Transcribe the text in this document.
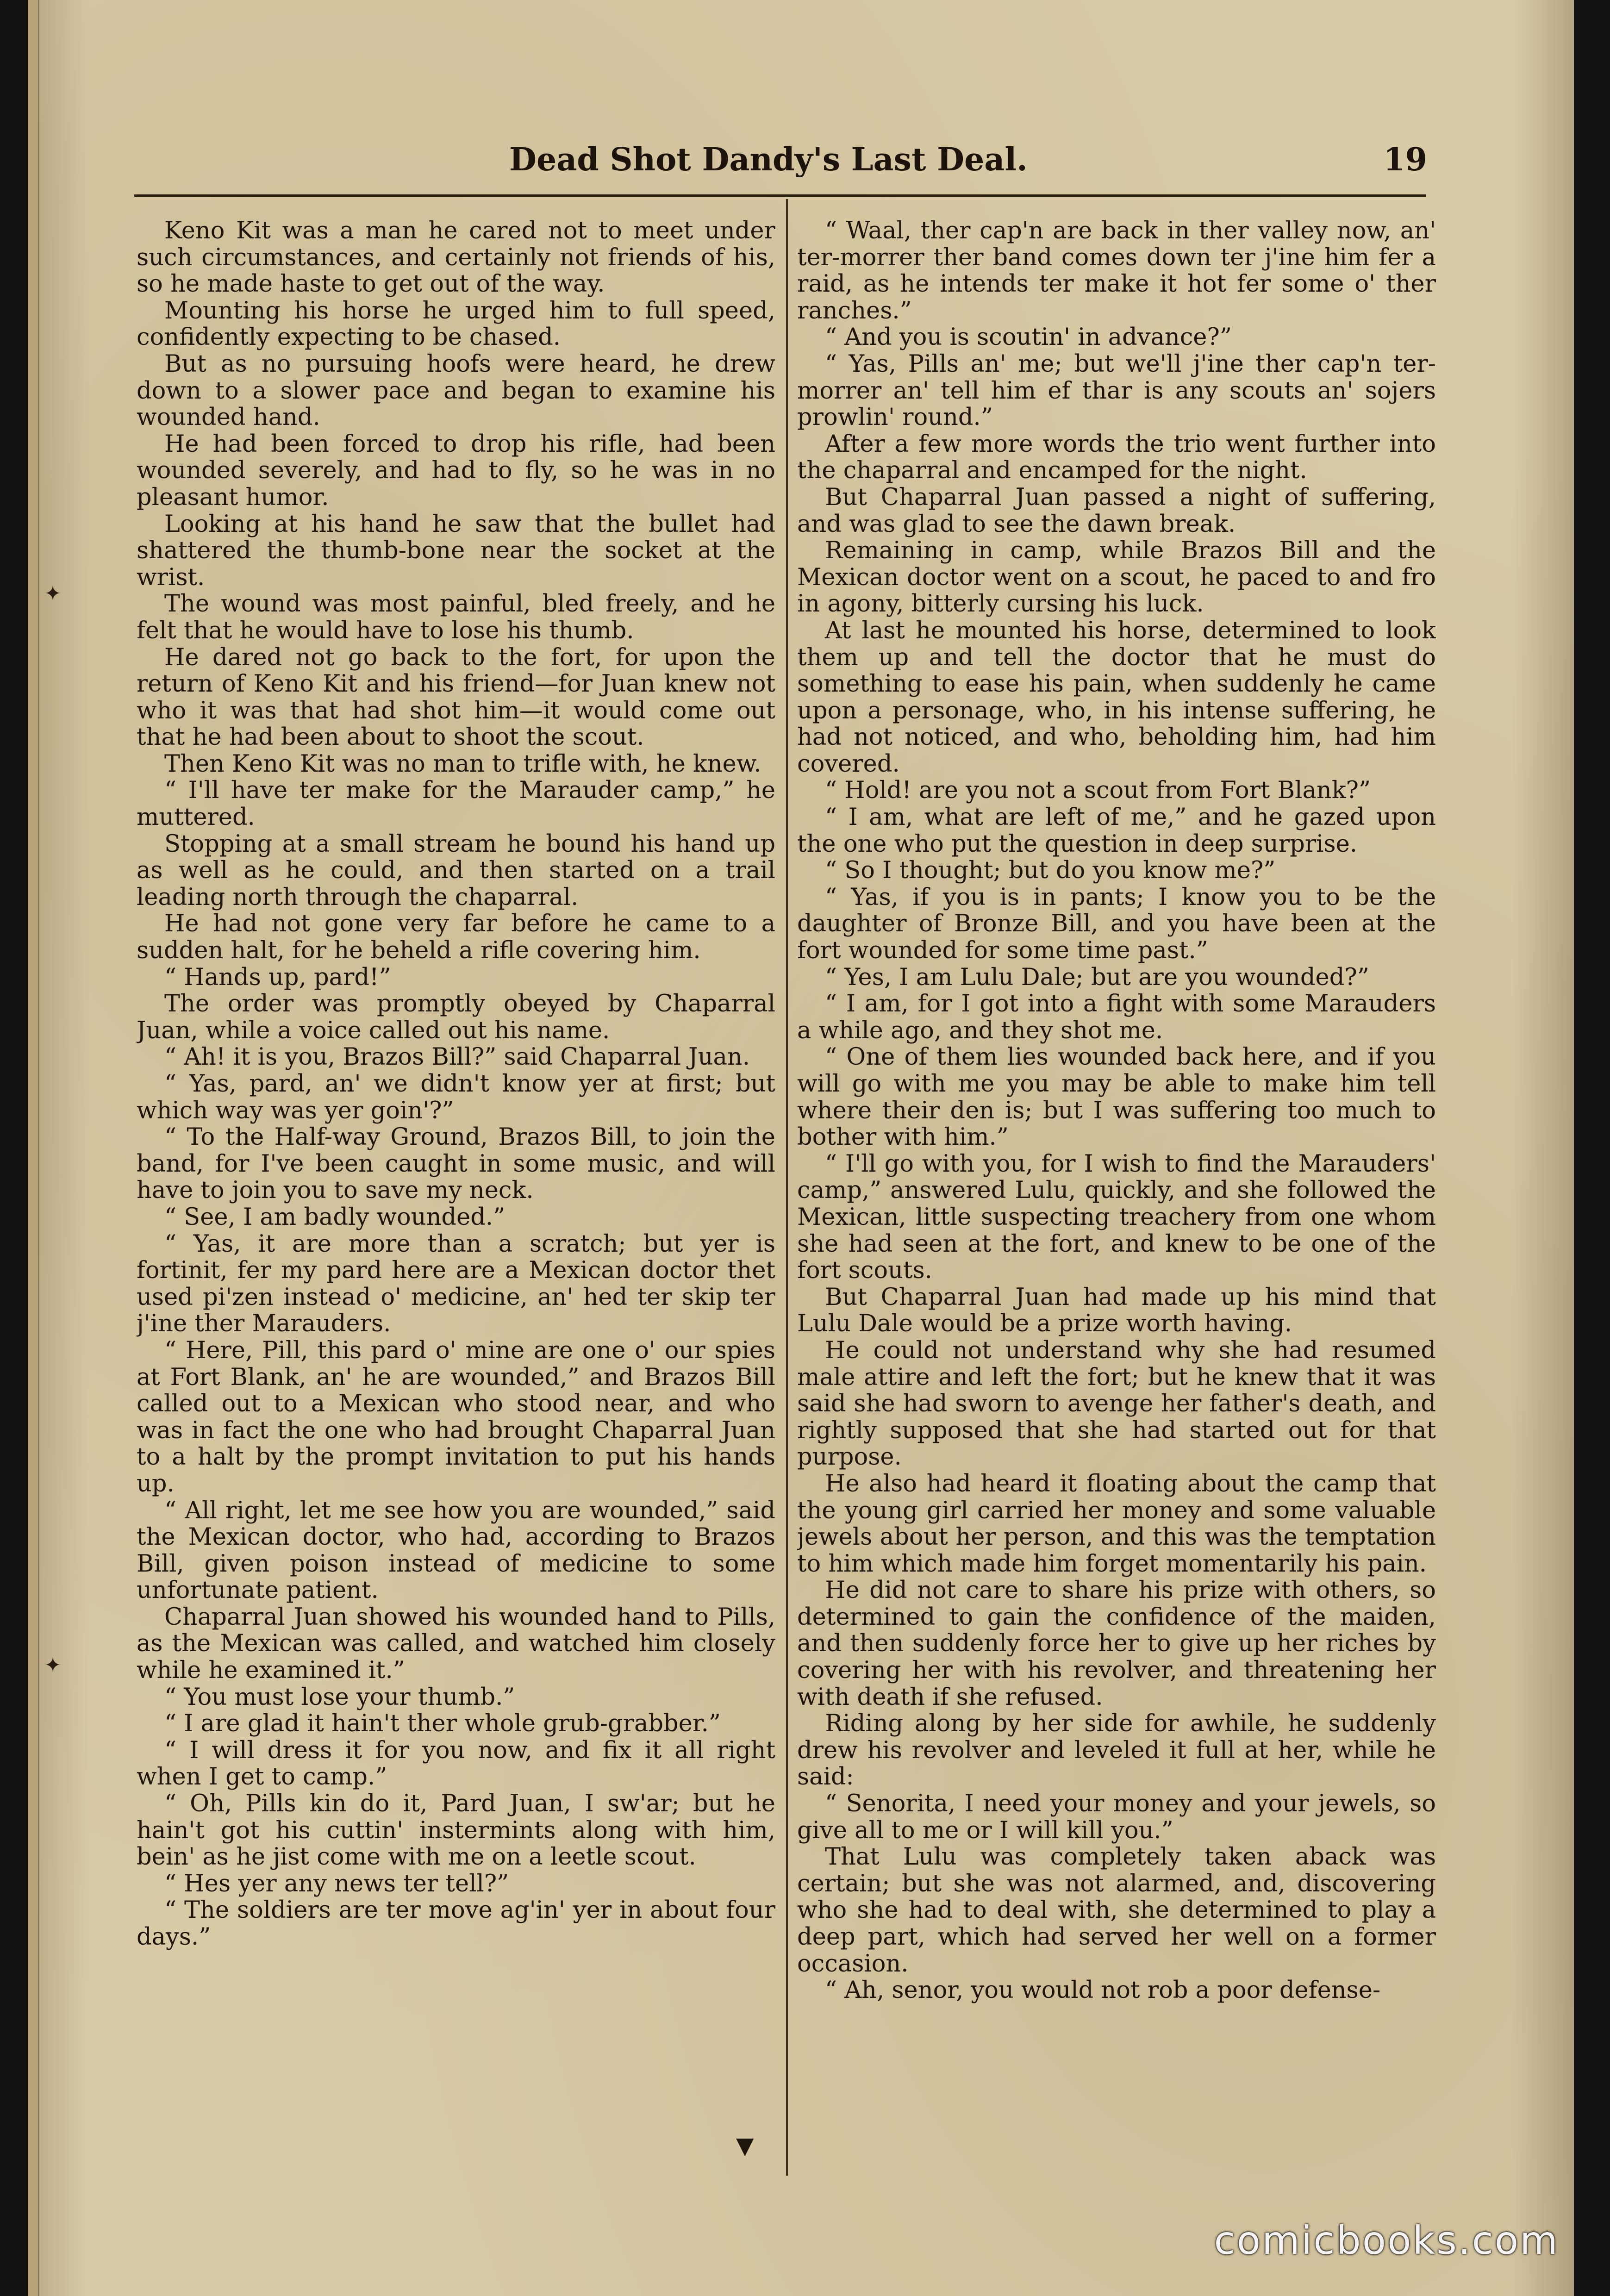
✦
✦
Dead Shot Dandy's Last Deal.	19

Keno Kit was a man he cared not to meet under such circumstances, and certainly not friends of his, so he made haste to get out of the way.

Mounting his horse he urged him to full speed, confidently expecting to be chased.

But as no pursuing hoofs were heard, he drew down to a slower pace and began to examine his wounded hand.

He had been forced to drop his rifle, had been wounded severely, and had to fly, so he was in no pleasant humor.

Looking at his hand he saw that the bullet had shattered the thumb-bone near the socket at the wrist.

The wound was most painful, bled freely, and he felt that he would have to lose his thumb.

He dared not go back to the fort, for upon the return of Keno Kit and his friend—for Juan knew not who it was that had shot him—it would come out that he had been about to shoot the scout.

Then Keno Kit was no man to trifle with, he knew.

“ I'll have ter make for the Marauder camp,” he muttered.

Stopping at a small stream he bound his hand up as well as he could, and then started on a trail leading north through the chaparral.

He had not gone very far before he came to a sudden halt, for he beheld a rifle covering him.

“ Hands up, pard!”

The order was promptly obeyed by Chaparral Juan, while a voice called out his name.

“ Ah! it is you, Brazos Bill?” said Chaparral Juan.

“ Yas, pard, an' we didn't know yer at first; but which way was yer goin'?”

“ To the Half-way Ground, Brazos Bill, to join the band, for I've been caught in some music, and will have to join you to save my neck.

“ See, I am badly wounded.”

“ Yas, it are more than a scratch; but yer is fortinit, fer my pard here are a Mexican doctor thet used pi'zen instead o' medicine, an' hed ter skip ter j'ine ther Marauders.

“ Here, Pill, this pard o' mine are one o' our spies at Fort Blank, an' he are wounded,” and Brazos Bill called out to a Mexican who stood near, and who was in fact the one who had brought Chaparral Juan to a halt by the prompt invitation to put his hands up.

“ All right, let me see how you are wounded,” said the Mexican doctor, who had, according to Brazos Bill, given poison instead of medicine to some unfortunate patient.

Chaparral Juan showed his wounded hand to Pills, as the Mexican was called, and watched him closely while he examined it.”

“ You must lose your thumb.”

“ I are glad it hain't ther whole grub-grabber.”

“ I will dress it for you now, and fix it all right when I get to camp.”

“ Oh, Pills kin do it, Pard Juan, I sw'ar; but he hain't got his cuttin' instermints along with him, bein' as he jist come with me on a leetle scout.

“ Hes yer any news ter tell?”

“ The soldiers are ter move ag'in' yer in about four days.”

“ Waal, ther cap'n are back in ther valley now, an' ter-morrer ther band comes down ter j'ine him fer a raid, as he intends ter make it hot fer some o' ther ranches.”

“ And you is scoutin' in advance?”

“ Yas, Pills an' me; but we'll j'ine ther cap'n ter-morrer an' tell him ef thar is any scouts an' sojers prowlin' round.”

After a few more words the trio went further into the chaparral and encamped for the night.

But Chaparral Juan passed a night of suffering, and was glad to see the dawn break.

Remaining in camp, while Brazos Bill and the Mexican doctor went on a scout, he paced to and fro in agony, bitterly cursing his luck.

At last he mounted his horse, determined to look them up and tell the doctor that he must do something to ease his pain, when suddenly he came upon a personage, who, in his intense suffering, he had not noticed, and who, beholding him, had him covered.

“ Hold! are you not a scout from Fort Blank?”

“ I am, what are left of me,” and he gazed upon the one who put the question in deep surprise.

“ So I thought; but do you know me?”

“ Yas, if you is in pants; I know you to be the daughter of Bronze Bill, and you have been at the fort wounded for some time past.”

“ Yes, I am Lulu Dale; but are you wounded?”

“ I am, for I got into a fight with some Marauders a while ago, and they shot me.

“ One of them lies wounded back here, and if you will go with me you may be able to make him tell where their den is; but I was suffering too much to bother with him.”

“ I'll go with you, for I wish to find the Marauders' camp,” answered Lulu, quickly, and she followed the Mexican, little suspecting treachery from one whom she had seen at the fort, and knew to be one of the fort scouts.

But Chaparral Juan had made up his mind that Lulu Dale would be a prize worth having.

He could not understand why she had resumed male attire and left the fort; but he knew that it was said she had sworn to avenge her father's death, and rightly supposed that she had started out for that purpose.

He also had heard it floating about the camp that the young girl carried her money and some valuable jewels about her person, and this was the temptation to him which made him forget momentarily his pain.

He did not care to share his prize with others, so determined to gain the confidence of the maiden, and then suddenly force her to give up her riches by covering her with his revolver, and threatening her with death if she refused.

Riding along by her side for awhile, he suddenly drew his revolver and leveled it full at her, while he said:

“ Senorita, I need your money and your jewels, so give all to me or I will kill you.”

That Lulu was completely taken aback was certain; but she was not alarmed, and, discovering who she had to deal with, she determined to play a deep part, which had served her well on a former occasion.

“ Ah, senor, you would not rob a poor defense-

▼
comicbooks.com
